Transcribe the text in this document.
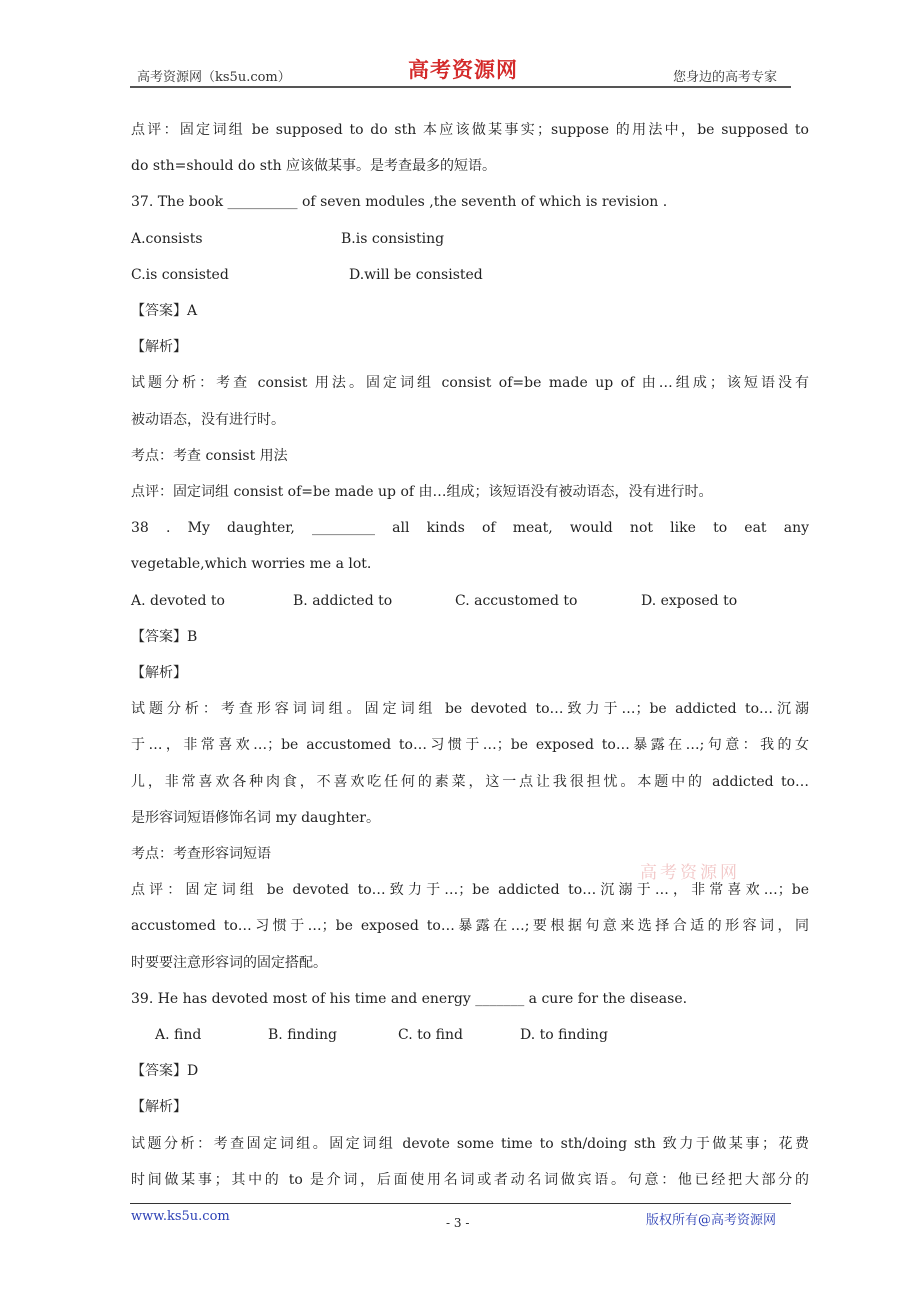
高考资源网（ks5u.com）	高考资源网	您身边的高考专家
点评：固定词组 be supposed to do sth 本应该做某事实；suppose 的用法中，be supposed to
do sth=should do sth 应该做某事。是考查最多的短语。
37. The book __________ of seven modules ,the seventh of which is revision .
A.consists	B.is consisting
C.is consisted	D.will be consisted
【答案】A
【解析】
试题分析：考查 consist 用法。固定词组 consist of=be made up of 由…组成；该短语没有
被动语态，没有进行时。
考点：考查 consist 用法
点评：固定词组 consist of=be made up of 由…组成；该短语没有被动语态，没有进行时。
38 . My daughter, _________ all kinds of meat, would not like to eat any
vegetable,which worries me a lot.
A. devoted to	B. addicted to	C. accustomed to	D. exposed to
【答案】B
【解析】
试题分析：考查形容词词组。固定词组 be devoted to…致力于…；be addicted to…沉溺
于…，非常喜欢…；be accustomed to…习惯于…；be exposed to…暴露在…;句意：我的女
儿，非常喜欢各种肉食，不喜欢吃任何的素菜，这一点让我很担忧。本题中的 addicted to…
是形容词短语修饰名词 my daughter。
考点：考查形容词短语
点评：固定词组 be devoted to…致力于…；be addicted to…沉溺于…，非常喜欢…；be
accustomed to…习惯于…；be exposed to…暴露在…;要根据句意来选择合适的形容词，同
时要要注意形容词的固定搭配。
39. He has devoted most of his time and energy _______ a cure for the disease.
A. find	B. finding	C. to find	D. to finding
【答案】D
【解析】
试题分析：考查固定词组。固定词组 devote some time to sth/doing sth 致力于做某事；花费
时间做某事；其中的 to 是介词，后面使用名词或者动名词做宾语。句意：他已经把大部分的
高考资源网
www.ks5u.com	- 3 -	版权所有@高考资源网
